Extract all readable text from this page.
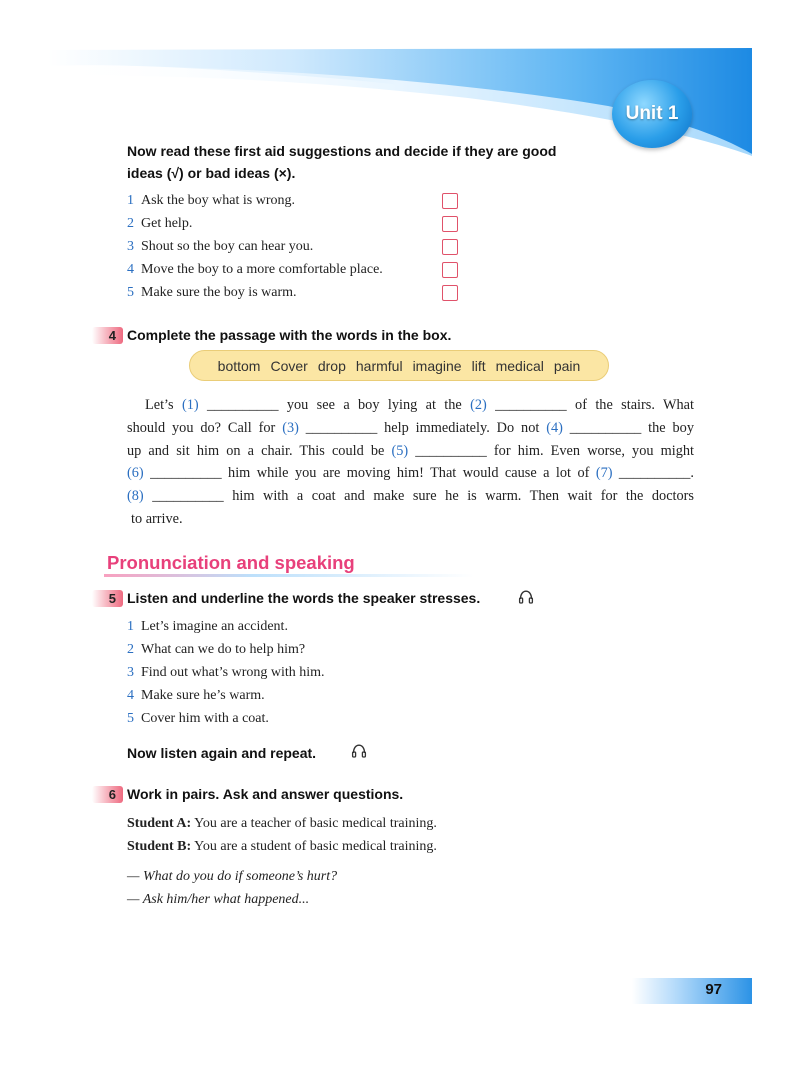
Unit 1
Now read these first aid suggestions and decide if they are good
ideas (√) or bad ideas (×).
1 Ask the boy what is wrong.
2 Get help.
3 Shout so the boy can hear you.
4 Move the boy to a more comfortable place.
5 Make sure the boy is warm.
4 Complete the passage with the words in the box.
bottom Cover drop harmful imagine lift medical pain
Let’s (1) __________ you see a boy lying at the (2) __________ of the stairs. What
should you do? Call for (3) __________ help immediately. Do not (4) __________ the boy
up and sit him on a chair. This could be (5) __________ for him. Even worse, you might
(6) __________ him while you are moving him! That would cause a lot of (7) __________.
(8) __________ him with a coat and make sure he is warm. Then wait for the doctors
to arrive.
Pronunciation and speaking
5 Listen and underline the words the speaker stresses.
1 Let’s imagine an accident.
2 What can we do to help him?
3 Find out what’s wrong with him.
4 Make sure he’s warm.
5 Cover him with a coat.
Now listen again and repeat.
6 Work in pairs. Ask and answer questions.
Student A: You are a teacher of basic medical training.
Student B: You are a student of basic medical training.
— What do you do if someone’s hurt?
— Ask him/her what happened...
97
